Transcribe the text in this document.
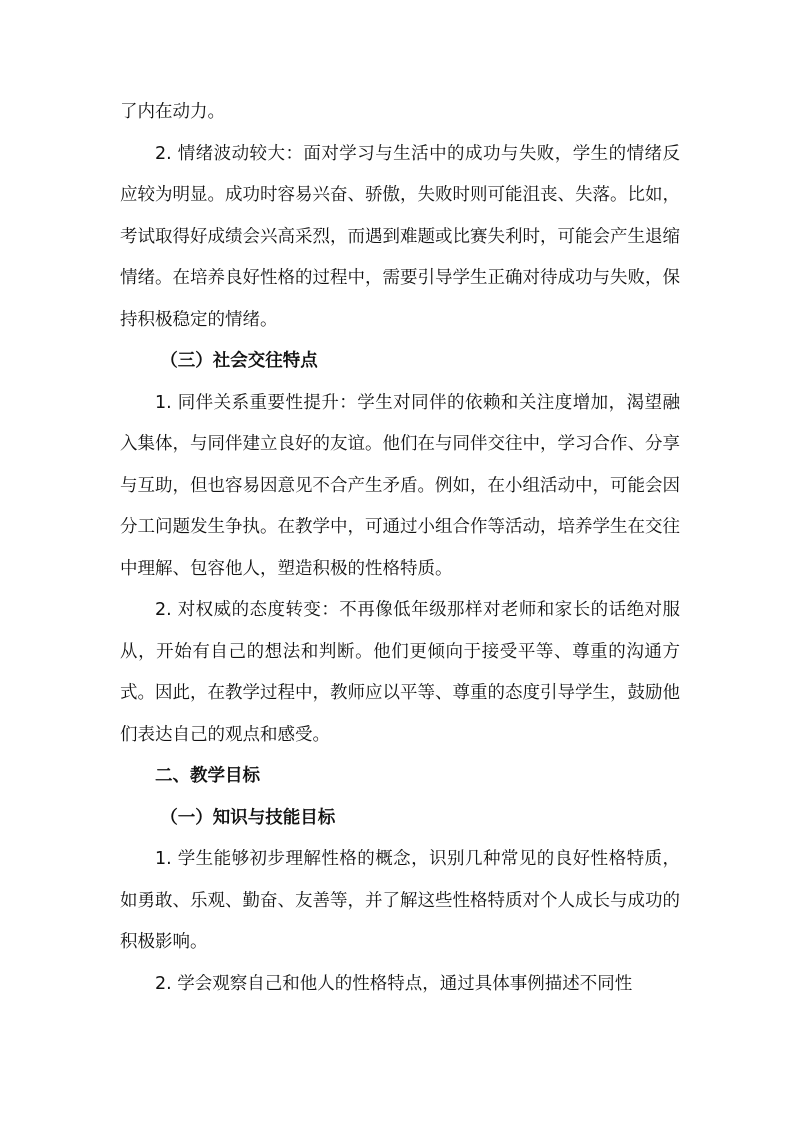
了内在动力。

2. 情绪波动较大：面对学习与生活中的成功与失败，学生的情绪反应较为明显。成功时容易兴奋、骄傲，失败时则可能沮丧、失落。比如，考试取得好成绩会兴高采烈，而遇到难题或比赛失利时，可能会产生退缩情绪。在培养良好性格的过程中，需要引导学生正确对待成功与失败，保持积极稳定的情绪。

（三）社会交往特点

1. 同伴关系重要性提升：学生对同伴的依赖和关注度增加，渴望融入集体，与同伴建立良好的友谊。他们在与同伴交往中，学习合作、分享与互助，但也容易因意见不合产生矛盾。例如，在小组活动中，可能会因分工问题发生争执。在教学中，可通过小组合作等活动，培养学生在交往中理解、包容他人，塑造积极的性格特质。

2. 对权威的态度转变：不再像低年级那样对老师和家长的话绝对服从，开始有自己的想法和判断。他们更倾向于接受平等、尊重的沟通方式。因此，在教学过程中，教师应以平等、尊重的态度引导学生，鼓励他们表达自己的观点和感受。

二、教学目标

（一）知识与技能目标

1. 学生能够初步理解性格的概念，识别几种常见的良好性格特质，如勇敢、乐观、勤奋、友善等，并了解这些性格特质对个人成长与成功的积极影响。

2. 学会观察自己和他人的性格特点，通过具体事例描述不同性
